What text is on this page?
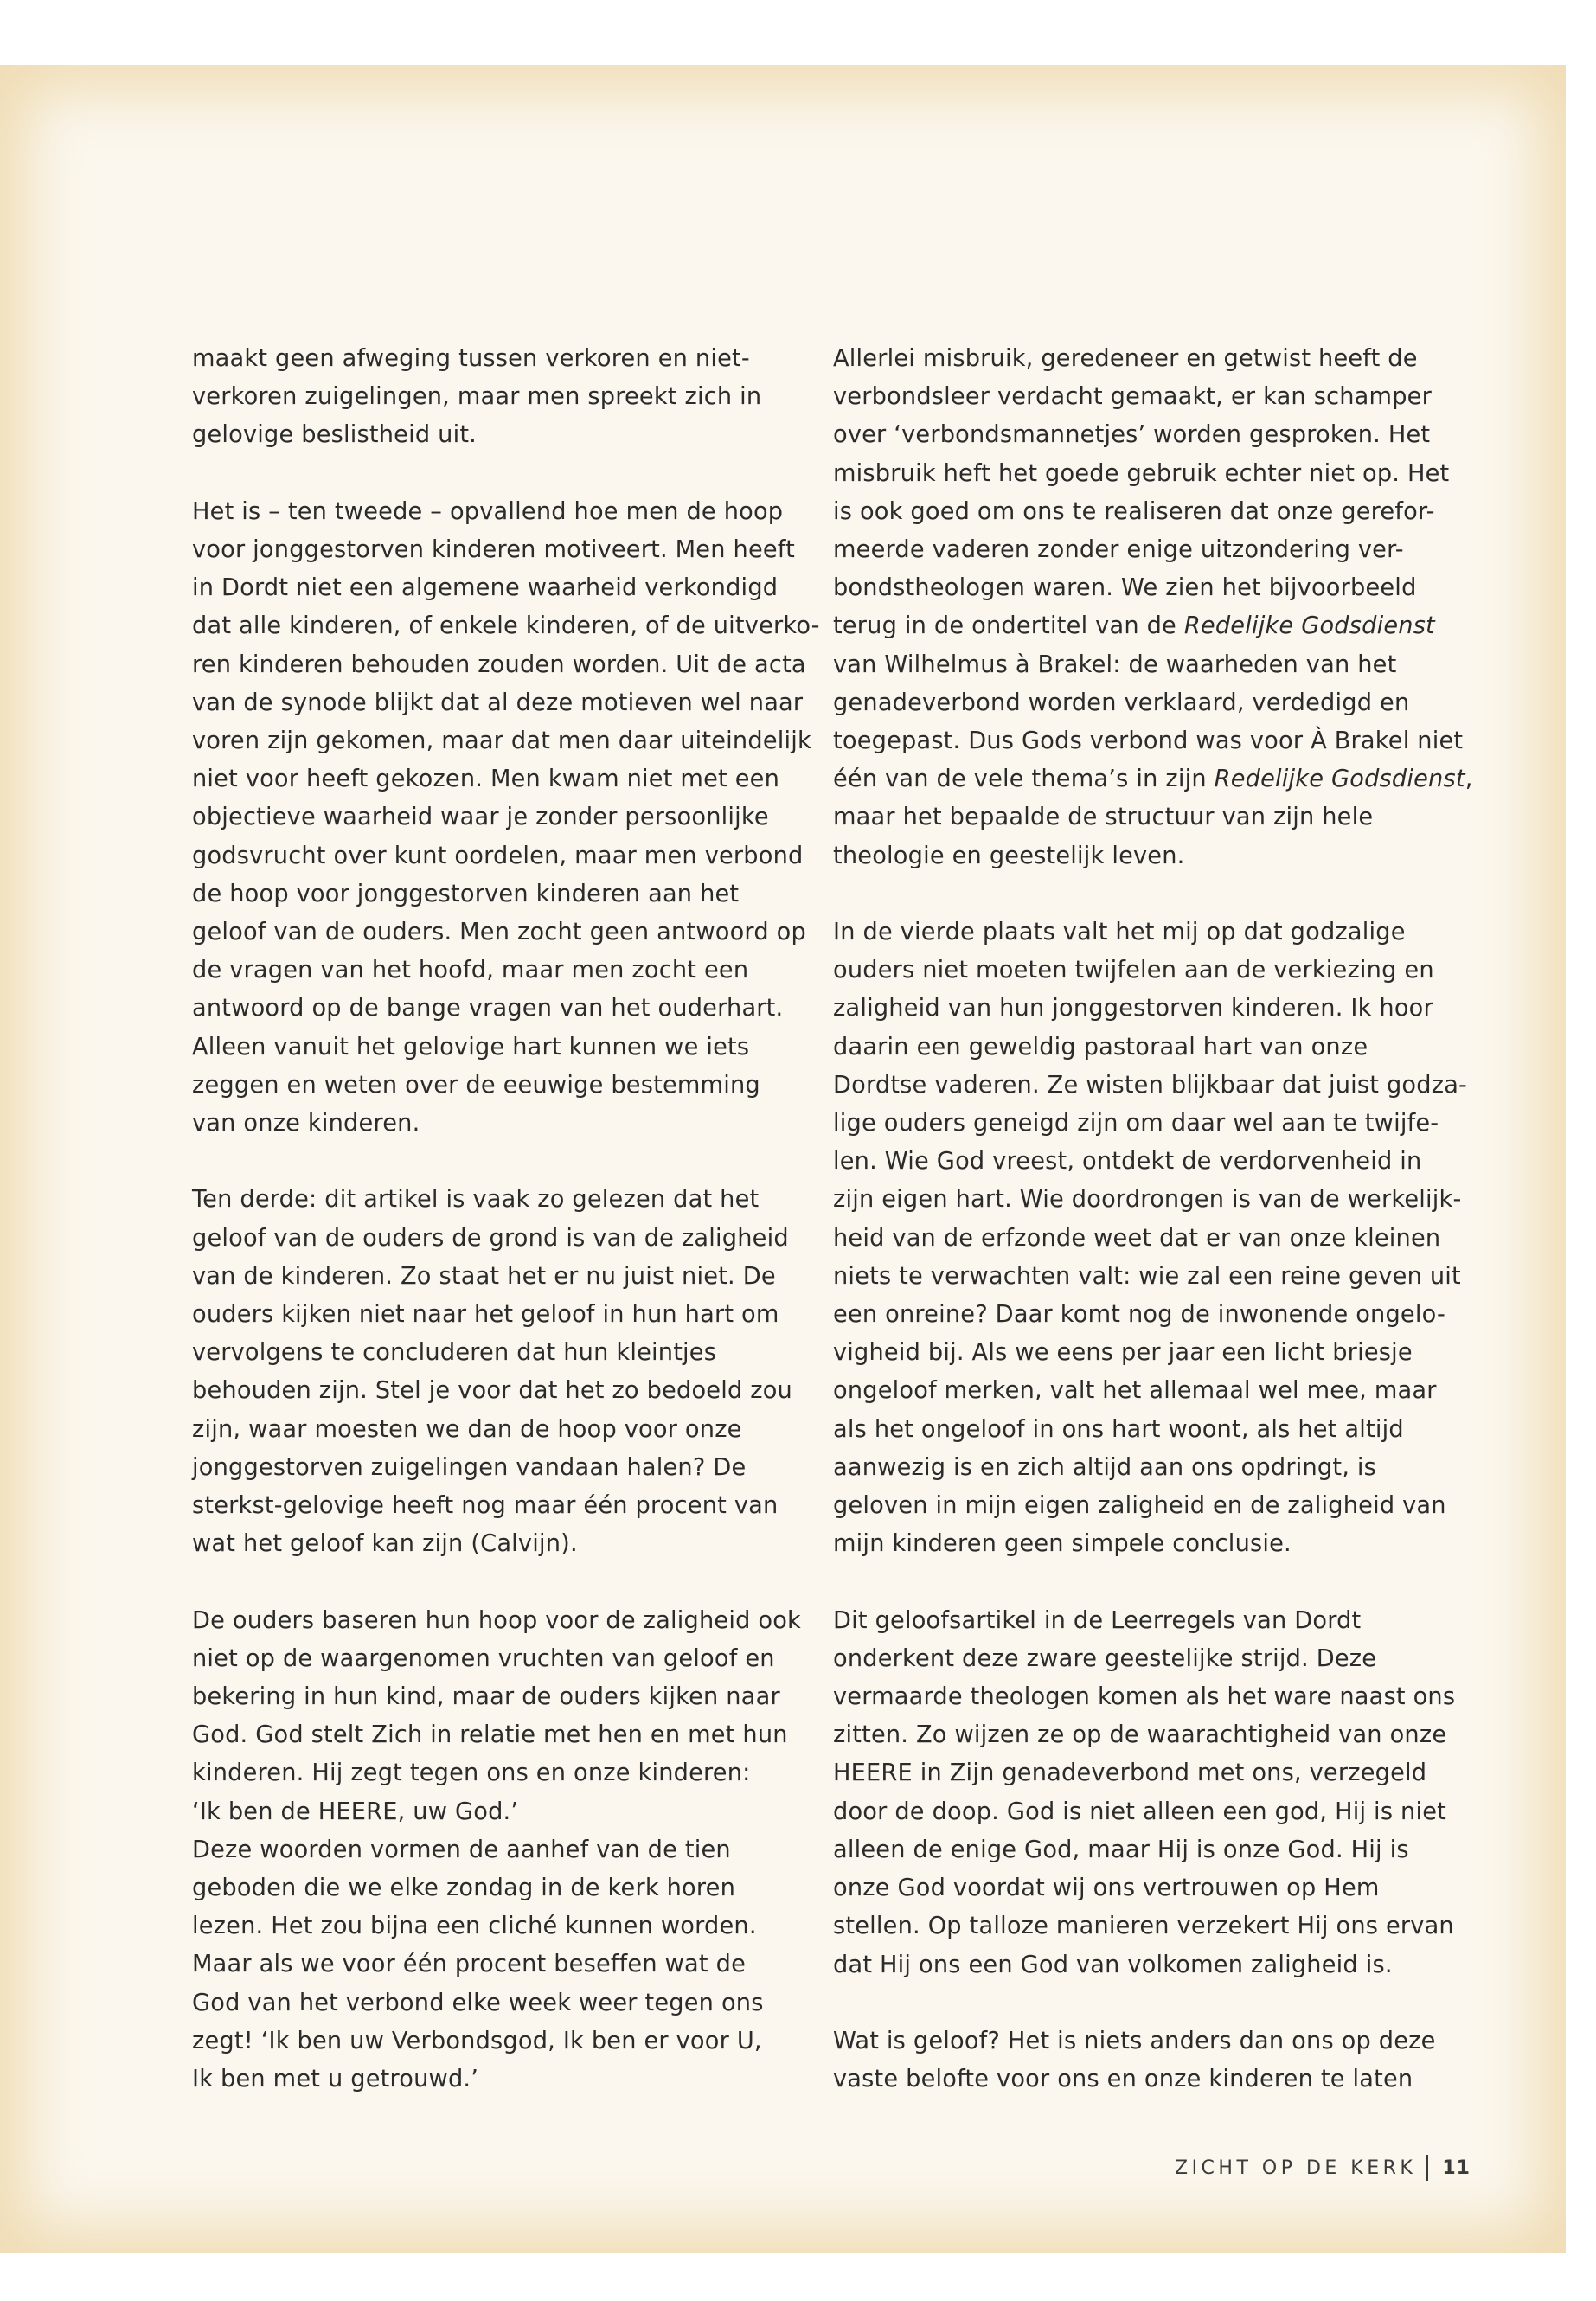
maakt geen afweging tussen verkoren en niet-
verkoren zuigelingen, maar men spreekt zich in
gelovige beslistheid uit.
Het is – ten tweede – opvallend hoe men de hoop
voor jonggestorven kinderen motiveert. Men heeft
in Dordt niet een algemene waarheid verkondigd
dat alle kinderen, of enkele kinderen, of de uitverko-
ren kinderen behouden zouden worden. Uit de acta
van de synode blijkt dat al deze motieven wel naar
voren zijn gekomen, maar dat men daar uiteindelijk
niet voor heeft gekozen. Men kwam niet met een
objectieve waarheid waar je zonder persoonlijke
godsvrucht over kunt oordelen, maar men verbond
de hoop voor jonggestorven kinderen aan het
geloof van de ouders. Men zocht geen antwoord op
de vragen van het hoofd, maar men zocht een
antwoord op de bange vragen van het ouderhart.
Alleen vanuit het gelovige hart kunnen we iets
zeggen en weten over de eeuwige bestemming
van onze kinderen.
Ten derde: dit artikel is vaak zo gelezen dat het
geloof van de ouders de grond is van de zaligheid
van de kinderen. Zo staat het er nu juist niet. De
ouders kijken niet naar het geloof in hun hart om
vervolgens te concluderen dat hun kleintjes
behouden zijn. Stel je voor dat het zo bedoeld zou
zijn, waar moesten we dan de hoop voor onze
jonggestorven zuigelingen vandaan halen? De
sterkst-gelovige heeft nog maar één procent van
wat het geloof kan zijn (Calvijn).
De ouders baseren hun hoop voor de zaligheid ook
niet op de waargenomen vruchten van geloof en
bekering in hun kind, maar de ouders kijken naar
God. God stelt Zich in relatie met hen en met hun
kinderen. Hij zegt tegen ons en onze kinderen:
‘Ik ben de HEERE, uw God.’
Deze woorden vormen de aanhef van de tien
geboden die we elke zondag in de kerk horen
lezen. Het zou bijna een cliché kunnen worden.
Maar als we voor één procent beseffen wat de
God van het verbond elke week weer tegen ons
zegt! ‘Ik ben uw Verbondsgod, Ik ben er voor U,
Ik ben met u getrouwd.’
Allerlei misbruik, geredeneer en getwist heeft de
verbondsleer verdacht gemaakt, er kan schamper
over ‘verbondsmannetjes’ worden gesproken. Het
misbruik heft het goede gebruik echter niet op. Het
is ook goed om ons te realiseren dat onze gerefor-
meerde vaderen zonder enige uitzondering ver-
bondstheologen waren. We zien het bijvoorbeeld
terug in de ondertitel van de Redelijke Godsdienst
van Wilhelmus à Brakel: de waarheden van het
genadeverbond worden verklaard, verdedigd en
toegepast. Dus Gods verbond was voor À Brakel niet
één van de vele thema’s in zijn Redelijke Godsdienst,
maar het bepaalde de structuur van zijn hele
theologie en geestelijk leven.
In de vierde plaats valt het mij op dat godzalige
ouders niet moeten twijfelen aan de verkiezing en
zaligheid van hun jonggestorven kinderen. Ik hoor
daarin een geweldig pastoraal hart van onze
Dordtse vaderen. Ze wisten blijkbaar dat juist godza-
lige ouders geneigd zijn om daar wel aan te twijfe-
len. Wie God vreest, ontdekt de verdorvenheid in
zijn eigen hart. Wie doordrongen is van de werkelijk-
heid van de erfzonde weet dat er van onze kleinen
niets te verwachten valt: wie zal een reine geven uit
een onreine? Daar komt nog de inwonende ongelo-
vigheid bij. Als we eens per jaar een licht briesje
ongeloof merken, valt het allemaal wel mee, maar
als het ongeloof in ons hart woont, als het altijd
aanwezig is en zich altijd aan ons opdringt, is
geloven in mijn eigen zaligheid en de zaligheid van
mijn kinderen geen simpele conclusie.
Dit geloofsartikel in de Leerregels van Dordt
onderkent deze zware geestelijke strijd. Deze
vermaarde theologen komen als het ware naast ons
zitten. Zo wijzen ze op de waarachtigheid van onze
HEERE in Zijn genadeverbond met ons, verzegeld
door de doop. God is niet alleen een god, Hij is niet
alleen de enige God, maar Hij is onze God. Hij is
onze God voordat wij ons vertrouwen op Hem
stellen. Op talloze manieren verzekert Hij ons ervan
dat Hij ons een God van volkomen zaligheid is.
Wat is geloof? Het is niets anders dan ons op deze
vaste belofte voor ons en onze kinderen te laten
ZICHT OP DE KERK 11
